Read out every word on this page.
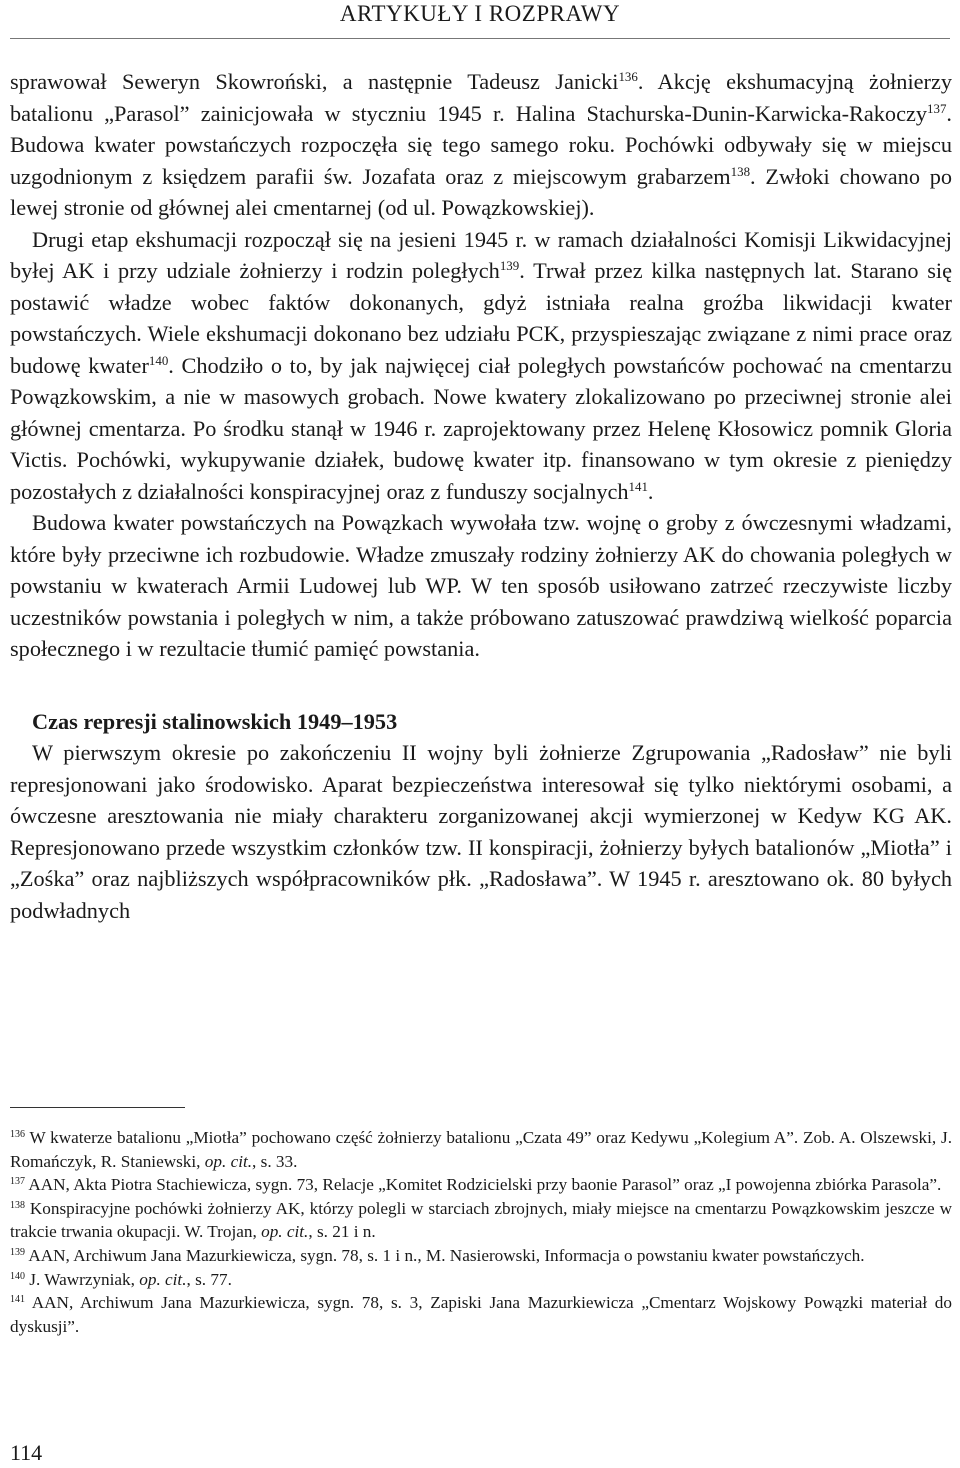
ARTYKUŁY I ROZPRAWY

sprawował Seweryn Skowroński, a następnie Tadeusz Janicki$^{136}$. Akcję ekshumacyjną żołnierzy batalionu „Parasol” zainicjowała w styczniu 1945 r. Halina Stachurska-Dunin-Karwicka-Rakoczy$^{137}$. Budowa kwater powstańczych rozpoczęła się tego samego roku. Pochówki odbywały się w miejscu uzgodnionym z księdzem parafii św. Jozafata oraz z miejscowym grabarzem$^{138}$. Zwłoki chowano po lewej stronie od głównej alei cmentarnej (od ul. Powązkowskiej).

Drugi etap ekshumacji rozpoczął się na jesieni 1945 r. w ramach działalności Komisji Likwidacyjnej byłej AK i przy udziale żołnierzy i rodzin poległych$^{139}$. Trwał przez kilka następnych lat. Starano się postawić władze wobec faktów dokonanych, gdyż istniała realna groźba likwidacji kwater powstańczych. Wiele ekshumacji dokonano bez udziału PCK, przyspieszając związane z nimi prace oraz budowę kwater$^{140}$. Chodziło o to, by jak najwięcej ciał poległych powstańców pochować na cmentarzu Powązkowskim, a nie w masowych grobach. Nowe kwatery zlokalizowano po przeciwnej stronie alei głównej cmentarza. Po środku stanął w 1946 r. zaprojektowany przez Helenę Kłosowicz pomnik Gloria Victis. Pochówki, wykupywanie działek, budowę kwater itp. finansowano w tym okresie z pieniędzy pozostałych z działalności konspiracyjnej oraz z funduszy socjalnych$^{141}$.

Budowa kwater powstańczych na Powązkach wywołała tzw. wojnę o groby z ówczesnymi władzami, które były przeciwne ich rozbudowie. Władze zmuszały rodziny żołnierzy AK do chowania poległych w powstaniu w kwaterach Armii Ludowej lub WP. W ten sposób usiłowano zatrzeć rzeczywiste liczby uczestników powstania i poległych w nim, a także próbowano zatuszować prawdziwą wielkość poparcia społecznego i w rezultacie tłumić pamięć powstania.

Czas represji stalinowskich 1949–1953

W pierwszym okresie po zakończeniu II wojny byli żołnierze Zgrupowania „Radosław” nie byli represjonowani jako środowisko. Aparat bezpieczeństwa interesował się tylko niektórymi osobami, a ówczesne aresztowania nie miały charakteru zorganizowanej akcji wymierzonej w Kedyw KG AK. Represjonowano przede wszystkim członków tzw. II konspiracji, żołnierzy byłych batalionów „Miotła” i „Zośka” oraz najbliższych współpracowników płk. „Radosława”. W 1945 r. aresztowano ok. 80 byłych podwładnych

$^{136}$ W kwaterze batalionu „Miotła” pochowano część żołnierzy batalionu „Czata 49” oraz Kedywu „Kolegium A”. Zob. A. Olszewski, J. Romańczyk, R. Staniewski, op. cit., s. 33.

$^{137}$ AAN, Akta Piotra Stachiewicza, sygn. 73, Relacje „Komitet Rodzicielski przy baonie Parasol” oraz „I powojenna zbiórka Parasola”.

$^{138}$ Konspiracyjne pochówki żołnierzy AK, którzy polegli w starciach zbrojnych, miały miejsce na cmentarzu Powązkowskim jeszcze w trakcie trwania okupacji. W. Trojan, op. cit., s. 21 i n.

$^{139}$ AAN, Archiwum Jana Mazurkiewicza, sygn. 78, s. 1 i n., M. Nasierowski, Informacja o powstaniu kwater powstańczych.

$^{140}$ J. Wawrzyniak, op. cit., s. 77.

$^{141}$ AAN, Archiwum Jana Mazurkiewicza, sygn. 78, s. 3, Zapiski Jana Mazurkiewicza „Cmentarz Wojskowy Powązki materiał do dyskusji”.

114
